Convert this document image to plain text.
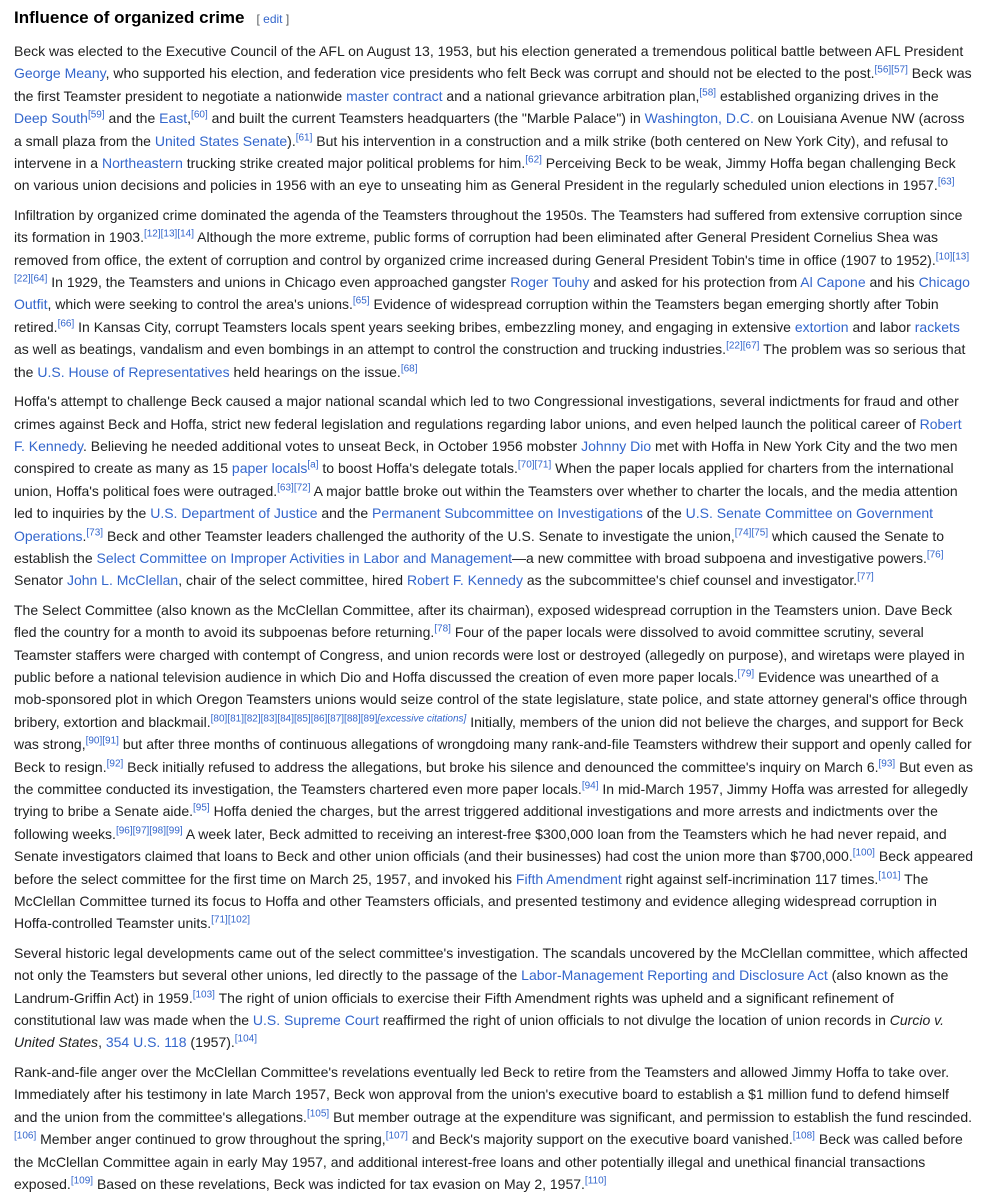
Influence of organized crime [ edit ]

Beck was elected to the Executive Council of the AFL on August 13, 1953, but his election generated a tremendous political battle between AFL President George Meany, who supported his election, and federation vice presidents who felt Beck was corrupt and should not be elected to the post.[56][57] Beck was the first Teamster president to negotiate a nationwide master contract and a national grievance arbitration plan,[58] established organizing drives in the Deep South[59] and the East,[60] and built the current Teamsters headquarters (the "Marble Palace") in Washington, D.C. on Louisiana Avenue NW (across a small plaza from the United States Senate).[61] But his intervention in a construction and a milk strike (both centered on New York City), and refusal to intervene in a Northeastern trucking strike created major political problems for him.[62] Perceiving Beck to be weak, Jimmy Hoffa began challenging Beck on various union decisions and policies in 1956 with an eye to unseating him as General President in the regularly scheduled union elections in 1957.[63]

Infiltration by organized crime dominated the agenda of the Teamsters throughout the 1950s. The Teamsters had suffered from extensive corruption since its formation in 1903.[12][13][14] Although the more extreme, public forms of corruption had been eliminated after General President Cornelius Shea was removed from office, the extent of corruption and control by organized crime increased during General President Tobin's time in office (1907 to 1952).[10][13][22][64] In 1929, the Teamsters and unions in Chicago even approached gangster Roger Touhy and asked for his protection from Al Capone and his Chicago Outfit, which were seeking to control the area's unions.[65] Evidence of widespread corruption within the Teamsters began emerging shortly after Tobin retired.[66] In Kansas City, corrupt Teamsters locals spent years seeking bribes, embezzling money, and engaging in extensive extortion and labor rackets as well as beatings, vandalism and even bombings in an attempt to control the construction and trucking industries.[22][67] The problem was so serious that the U.S. House of Representatives held hearings on the issue.[68]

Hoffa's attempt to challenge Beck caused a major national scandal which led to two Congressional investigations, several indictments for fraud and other crimes against Beck and Hoffa, strict new federal legislation and regulations regarding labor unions, and even helped launch the political career of Robert F. Kennedy. Believing he needed additional votes to unseat Beck, in October 1956 mobster Johnny Dio met with Hoffa in New York City and the two men conspired to create as many as 15 paper locals[a] to boost Hoffa's delegate totals.[70][71] When the paper locals applied for charters from the international union, Hoffa's political foes were outraged.[63][72] A major battle broke out within the Teamsters over whether to charter the locals, and the media attention led to inquiries by the U.S. Department of Justice and the Permanent Subcommittee on Investigations of the U.S. Senate Committee on Government Operations.[73] Beck and other Teamster leaders challenged the authority of the U.S. Senate to investigate the union,[74][75] which caused the Senate to establish the Select Committee on Improper Activities in Labor and Management—a new committee with broad subpoena and investigative powers.[76] Senator John L. McClellan, chair of the select committee, hired Robert F. Kennedy as the subcommittee's chief counsel and investigator.[77]

The Select Committee (also known as the McClellan Committee, after its chairman), exposed widespread corruption in the Teamsters union. Dave Beck fled the country for a month to avoid its subpoenas before returning.[78] Four of the paper locals were dissolved to avoid committee scrutiny, several Teamster staffers were charged with contempt of Congress, and union records were lost or destroyed (allegedly on purpose), and wiretaps were played in public before a national television audience in which Dio and Hoffa discussed the creation of even more paper locals.[79] Evidence was unearthed of a mob-sponsored plot in which Oregon Teamsters unions would seize control of the state legislature, state police, and state attorney general's office through bribery, extortion and blackmail.[80][81][82][83][84][85][86][87][88][89][excessive citations] Initially, members of the union did not believe the charges, and support for Beck was strong,[90][91] but after three months of continuous allegations of wrongdoing many rank-and-file Teamsters withdrew their support and openly called for Beck to resign.[92] Beck initially refused to address the allegations, but broke his silence and denounced the committee's inquiry on March 6.[93] But even as the committee conducted its investigation, the Teamsters chartered even more paper locals.[94] In mid-March 1957, Jimmy Hoffa was arrested for allegedly trying to bribe a Senate aide.[95] Hoffa denied the charges, but the arrest triggered additional investigations and more arrests and indictments over the following weeks.[96][97][98][99] A week later, Beck admitted to receiving an interest-free $300,000 loan from the Teamsters which he had never repaid, and Senate investigators claimed that loans to Beck and other union officials (and their businesses) had cost the union more than $700,000.[100] Beck appeared before the select committee for the first time on March 25, 1957, and invoked his Fifth Amendment right against self-incrimination 117 times.[101] The McClellan Committee turned its focus to Hoffa and other Teamsters officials, and presented testimony and evidence alleging widespread corruption in Hoffa-controlled Teamster units.[71][102]

Several historic legal developments came out of the select committee's investigation. The scandals uncovered by the McClellan committee, which affected not only the Teamsters but several other unions, led directly to the passage of the Labor-Management Reporting and Disclosure Act (also known as the Landrum-Griffin Act) in 1959.[103] The right of union officials to exercise their Fifth Amendment rights was upheld and a significant refinement of constitutional law was made when the U.S. Supreme Court reaffirmed the right of union officials to not divulge the location of union records in Curcio v. United States, 354 U.S. 118 (1957).[104]

Rank-and-file anger over the McClellan Committee's revelations eventually led Beck to retire from the Teamsters and allowed Jimmy Hoffa to take over. Immediately after his testimony in late March 1957, Beck won approval from the union's executive board to establish a $1 million fund to defend himself and the union from the committee's allegations.[105] But member outrage at the expenditure was significant, and permission to establish the fund rescinded.[106] Member anger continued to grow throughout the spring,[107] and Beck's majority support on the executive board vanished.[108] Beck was called before the McClellan Committee again in early May 1957, and additional interest-free loans and other potentially illegal and unethical financial transactions exposed.[109] Based on these revelations, Beck was indicted for tax evasion on May 2, 1957.[110]
